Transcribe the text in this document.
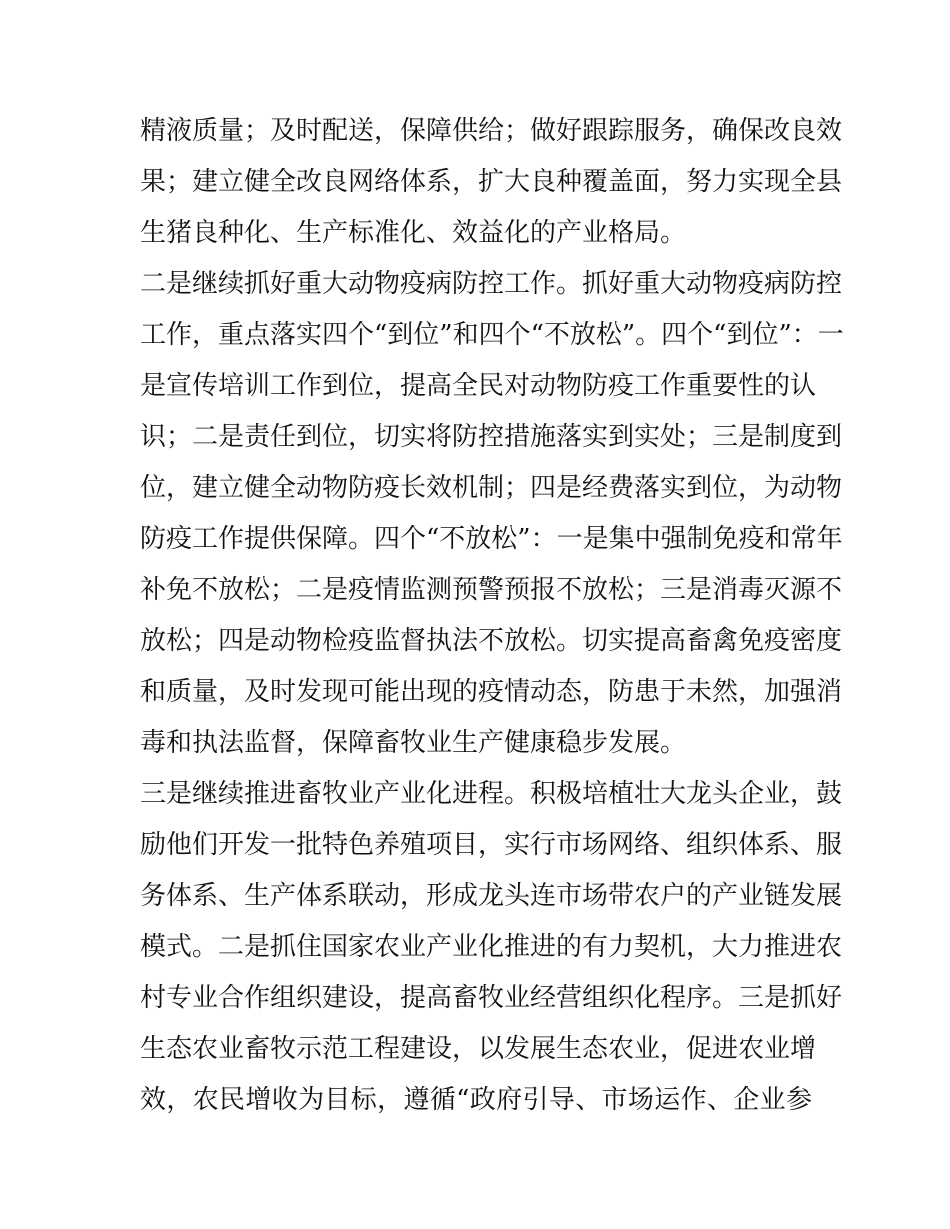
精液质量；及时配送，保障供给；做好跟踪服务，确保改良效
果；建立健全改良网络体系，扩大良种覆盖面，努力实现全县
生猪良种化、生产标准化、效益化的产业格局。
二是继续抓好重大动物疫病防控工作。抓好重大动物疫病防控
工作，重点落实四个“到位”和四个“不放松”。四个“到位”：一
是宣传培训工作到位，提高全民对动物防疫工作重要性的认
识；二是责任到位，切实将防控措施落实到实处；三是制度到
位，建立健全动物防疫长效机制；四是经费落实到位，为动物
防疫工作提供保障。四个“不放松”：一是集中强制免疫和常年
补免不放松；二是疫情监测预警预报不放松；三是消毒灭源不
放松；四是动物检疫监督执法不放松。切实提高畜禽免疫密度
和质量，及时发现可能出现的疫情动态，防患于未然，加强消
毒和执法监督，保障畜牧业生产健康稳步发展。
三是继续推进畜牧业产业化进程。积极培植壮大龙头企业，鼓
励他们开发一批特色养殖项目，实行市场网络、组织体系、服
务体系、生产体系联动，形成龙头连市场带农户的产业链发展
模式。二是抓住国家农业产业化推进的有力契机，大力推进农
村专业合作组织建设，提高畜牧业经营组织化程序。三是抓好
生态农业畜牧示范工程建设，以发展生态农业，促进农业增
效，农民增收为目标，遵循“政府引导、市场运作、企业参
